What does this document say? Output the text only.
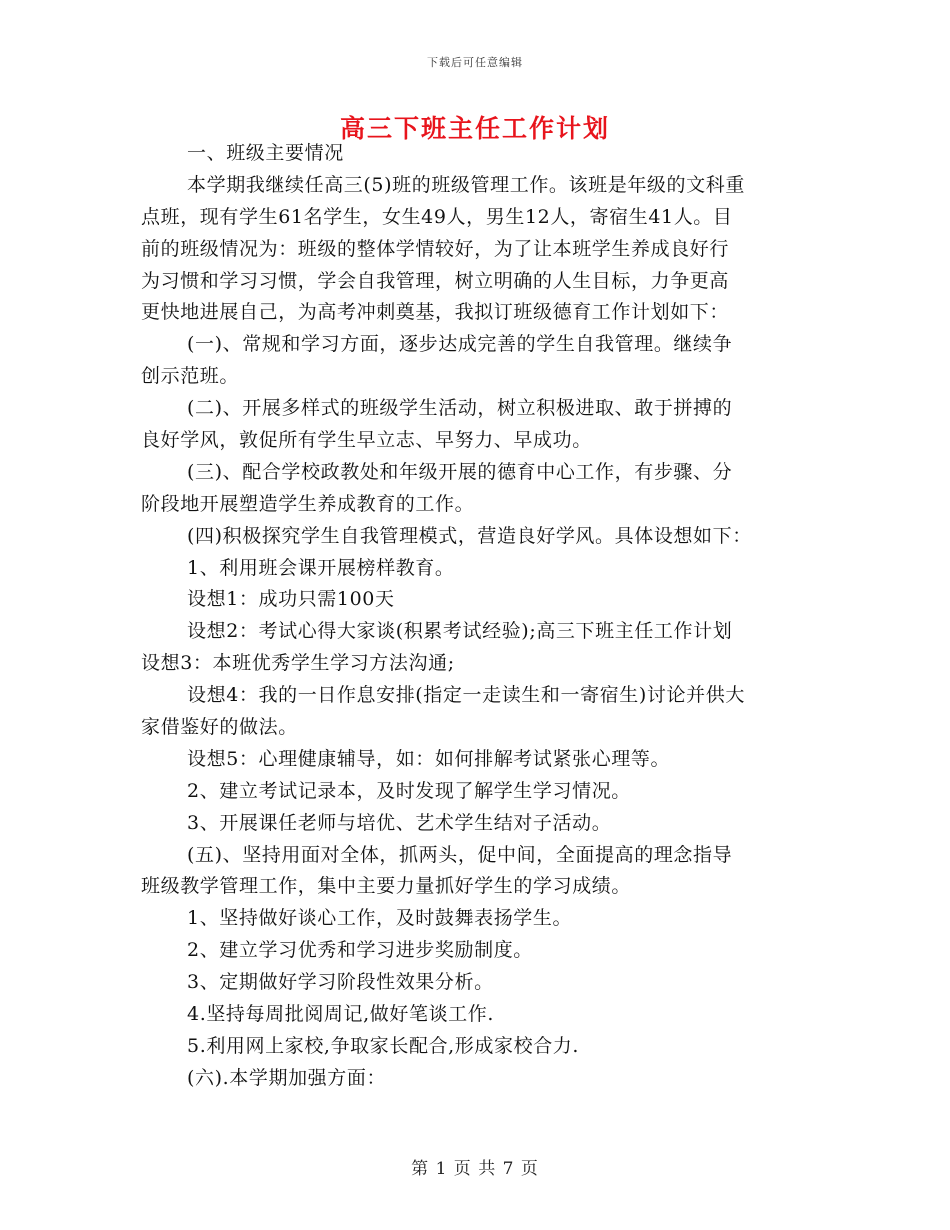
下载后可任意编辑
高三下班主任工作计划
一、班级主要情况
本学期我继续任高三(5)班的班级管理工作。该班是年级的文科重
点班，现有学生61名学生，女生49人，男生12人，寄宿生41人。目
前的班级情况为：班级的整体学情较好，为了让本班学生养成良好行
为习惯和学习习惯，学会自我管理，树立明确的人生目标，力争更高
更快地进展自己，为高考冲刺奠基，我拟订班级德育工作计划如下：
(一)、常规和学习方面，逐步达成完善的学生自我管理。继续争
创示范班。
(二)、开展多样式的班级学生活动，树立积极进取、敢于拼搏的
良好学风，敦促所有学生早立志、早努力、早成功。
(三)、配合学校政教处和年级开展的德育中心工作，有步骤、分
阶段地开展塑造学生养成教育的工作。
(四)积极探究学生自我管理模式，营造良好学风。具体设想如下：
1、利用班会课开展榜样教育。
设想1：成功只需100天
设想2：考试心得大家谈(积累考试经验);高三下班主任工作计划
设想3：本班优秀学生学习方法沟通;
设想4：我的一日作息安排(指定一走读生和一寄宿生)讨论并供大
家借鉴好的做法。
设想5：心理健康辅导，如：如何排解考试紧张心理等。
2、建立考试记录本，及时发现了解学生学习情况。
3、开展课任老师与培优、艺术学生结对子活动。
(五)、坚持用面对全体，抓两头，促中间，全面提高的理念指导
班级教学管理工作，集中主要力量抓好学生的学习成绩。
1、坚持做好谈心工作，及时鼓舞表扬学生。
2、建立学习优秀和学习进步奖励制度。
3、定期做好学习阶段性效果分析。
4.坚持每周批阅周记,做好笔谈工作.
5.利用网上家校,争取家长配合,形成家校合力.
(六).本学期加强方面：
第 1 页 共 7 页
